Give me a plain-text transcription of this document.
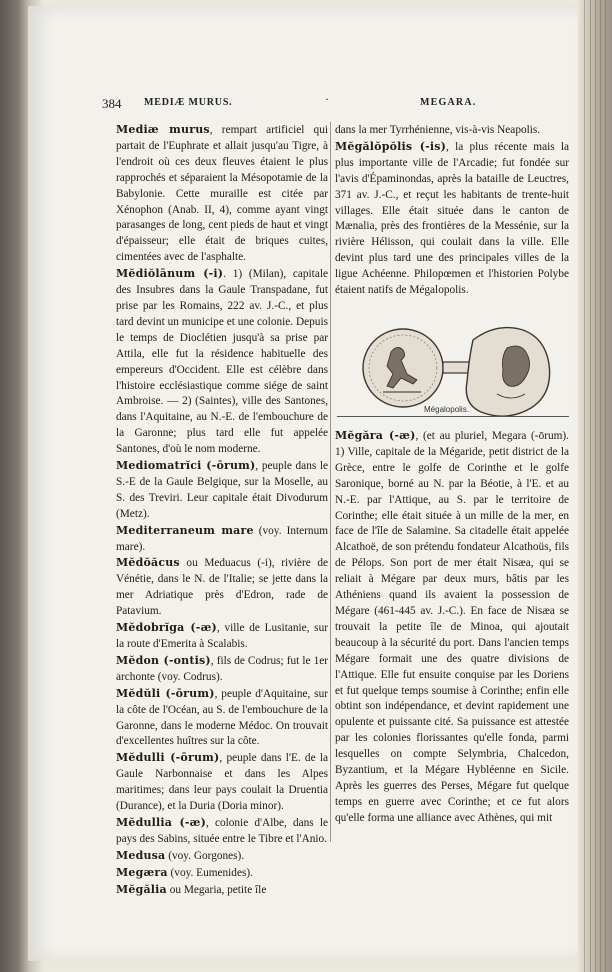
384 MEDIÆ MURUS.	·	MEGARA.

Mediæ murus, rempart artificiel qui partait de l'Euphrate et allait jusqu'au Tigre, à l'endroit où ces deux fleuves étaient le plus rapprochés et séparaient la Mésopotamie de la Babylonie. Cette muraille est citée par Xénophon (Anab. II, 4), comme ayant vingt parasanges de long, cent pieds de haut et vingt d'épaisseur; elle était de briques cuites, cimentées avec de l'asphalte.

Mĕdiŏlānum (-i). 1) (Milan), capitale des Insubres dans la Gaule Transpadane, fut prise par les Romains, 222 av. J.-C., et plus tard devint un municipe et une colonie. Depuis le temps de Dioclétien jusqu'à sa prise par Attila, elle fut la résidence habituelle des empereurs d'Occident. Elle est célèbre dans l'histoire ecclésiastique comme siége de saint Ambroise. — 2) (Saintes), ville des Santones, dans l'Aquitaine, au N.-E. de l'embouchure de la Garonne; plus tard elle fut appelée Santones, d'où le nom moderne.

Mediomatrĭci (-ōrum), peuple dans le S.-E de la Gaule Belgique, sur la Moselle, au S. des Treviri. Leur capitale était Divodurum (Metz).

Mediterraneum mare (voy. Internum mare).

Mĕdŏăcus ou Meduacus (-i), rivière de Vénétie, dans le N. de l'Italie; se jette dans la mer Adriatique près d'Edron, rade de Patavium.

Mĕdobrĭga (-æ), ville de Lusitanie, sur la route d'Emerita à Scalabis.

Mĕdon (-ontis), fils de Codrus; fut le 1er archonte (voy. Codrus).

Mĕdŭli (-ōrum), peuple d'Aquitaine, sur la côte de l'Océan, au S. de l'embouchure de la Garonne, dans le moderne Médoc. On trouvait d'excellentes huîtres sur la côte.

Mĕdulli (-ōrum), peuple dans l'E. de la Gaule Narbonnaise et dans les Alpes maritimes; dans leur pays coulait la Druentia (Durance), et la Duria (Doria minor).

Mĕdullia (-æ), colonie d'Albe, dans le pays des Sabins, située entre le Tibre et l'Anio.

Medusa (voy. Gorgones).

Megæra (voy. Eumenides).

Mĕgălia ou Megaria, petite île

dans la mer Tyrrhénienne, vis-à-vis Neapolis.

Mĕgălŏpŏlis (-is), la plus récente mais la plus importante ville de l'Arcadie; fut fondée sur l'avis d'Épaminondas, après la bataille de Leuctres, 371 av. J.-C., et reçut les habitants de trente-huit villages. Elle était située dans le canton de Mænalia, près des frontières de la Messénie, sur la rivière Hélisson, qui coulait dans la ville. Elle devint plus tard une des principales villes de la ligue Achéenne. Philopœmen et l'historien Polybe étaient natifs de Mégalopolis.

Mégalopolis.

Mĕgăra (-æ), (et au pluriel, Megara (-ōrum). 1) Ville, capitale de la Mégaride, petit district de la Grèce, entre le golfe de Corinthe et le golfe Saronique, borné au N. par la Béotie, à l'E. et au N.-E. par l'Attique, au S. par le territoire de Corinthe; elle était située à un mille de la mer, en face de l'île de Salamine. Sa citadelle était appelée Alcathoë, de son prétendu fondateur Alcathoüs, fils de Pélops. Son port de mer était Nisæa, qui se reliait à Mégare par deux murs, bâtis par les Athéniens quand ils avaient la possession de Mégare (461-445 av. J.-C.). En face de Nisæa se trouvait la petite île de Minoa, qui ajoutait beaucoup à la sécurité du port. Dans l'ancien temps Mégare formait une des quatre divisions de l'Attique. Elle fut ensuite conquise par les Doriens et fut quelque temps soumise à Corinthe; enfin elle obtint son indépendance, et devint rapidement une opulente et puissante cité. Sa puissance est attestée par les colonies florissantes qu'elle fonda, parmi lesquelles on compte Selymbria, Chalcedon, Byzantium, et la Mégare Hybléenne en Sicile. Après les guerres des Perses, Mégare fut quelque temps en guerre avec Corinthe; et ce fut alors qu'elle forma une alliance avec Athènes, qui mit
